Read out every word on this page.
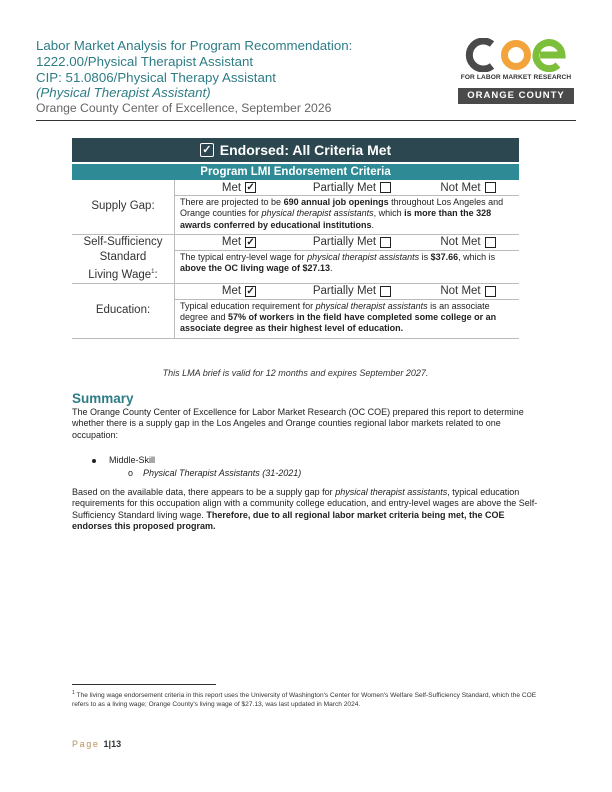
Labor Market Analysis for Program Recommendation:
1222.00/Physical Therapist Assistant
CIP: 51.0806/Physical Therapy Assistant
(Physical Therapist Assistant)
Orange County Center of Excellence, September 2026
FOR LABOR MARKET RESEARCH
ORANGE COUNTY
✓ Endorsed: All Criteria Met
Program LMI Endorsement Criteria
Supply Gap:
Met ✓	Partially Met	Not Met
There are projected to be 690 annual job openings throughout Los Angeles and Orange counties for physical therapist assistants, which is more than the 328 awards conferred by educational institutions.
Self-Sufficiency
Standard
Living Wage$^1$:
Met ✓	Partially Met	Not Met
The typical entry-level wage for physical therapist assistants is $37.66, which is above the OC living wage of $27.13.
Education:
Met ✓	Partially Met	Not Met
Typical education requirement for physical therapist assistants is an associate degree and 57% of workers in the field have completed some college or an associate degree as their highest level of education.
This LMA brief is valid for 12 months and expires September 2027.
Summary
The Orange County Center of Excellence for Labor Market Research (OC COE) prepared this report to determine whether there is a supply gap in the Los Angeles and Orange counties regional labor markets related to one occupation:
Middle-Skill
o Physical Therapist Assistants (31-2021)
Based on the available data, there appears to be a supply gap for physical therapist assistants, typical education requirements for this occupation align with a community college education, and entry-level wages are above the Self-Sufficiency Standard living wage. Therefore, due to all regional labor market criteria being met, the COE endorses this proposed program.
$^1$ The living wage endorsement criteria in this report uses the University of Washington's Center for Women's Welfare Self-Sufficiency Standard, which the COE refers to as a living wage; Orange County's living wage of $27.13, was last updated in March 2024.
Page 1|13
